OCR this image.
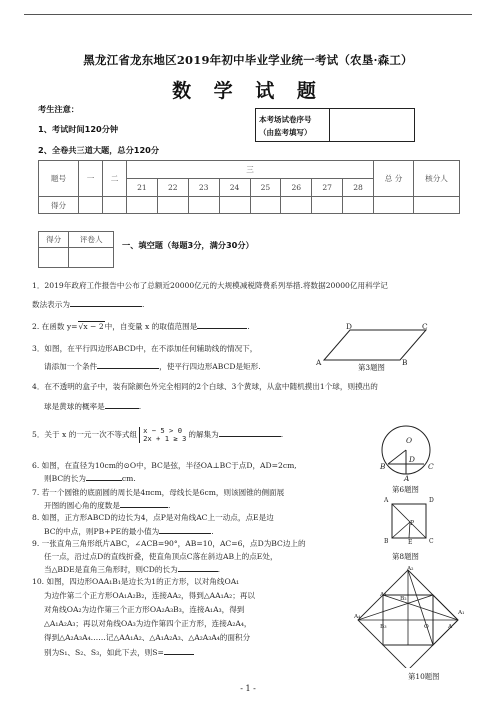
黑龙江省龙东地区2019年初中毕业学业统一考试（农垦·森工）
数 学 试 题
考生注意：
1、考试时间120分钟
2、全卷共三道大题，总分120分
本考场试卷序号
（由监考填写）
题号	一	二	三								总 分	核分人
			21	22	23	24	25	26	27	28		
得分												
得分	评卷人

一、填空题（每题3分，满分30分）
1．2019年政府工作报告中公布了总额近20000亿元的大规模减税降费系列举措.将数据20000亿用科学记
数法表示为	.
2. 在函数 y=√x − 2中，自变量 x 的取值范围是	.
3．如图，在平行四边形ABCD中，在不添加任何辅助线的情况下，
请添加一个条件	，使平行四边形ABCD是矩形.
D	C
A	B
第3题图
4．在不透明的盒子中，装有除颜色外完全相同的2个白球、3个黄球，从盒中随机摸出1个球，则摸出的
球是黄球的概率是	.
5．关于 x 的一元一次不等式组 x − 5 > 0
2x + 1 ≥ 3 的解集为	.
O
D
B	C
A
第6题图
6. 如图，在直径为10cm的⊙O中，BC是弦，半径OA⊥BC于点D，AD=2cm,
则BC的长为	cm.
7. 若一个圆锥的底面圆的周长是4πcm，母线长是6cm，则该圆锥的侧面展
开图的圆心角的度数是	.
A	D
P
B	E	C
第8题图
8. 如图，正方形ABCD的边长为4，点P是对角线AC上一动点，点E是边
BC的中点，则PB+PE的最小值为	.
9. 一张直角三角形纸片ABC，∠ACB=90°，AB=10，AC=6，点D为BC边上的
任一点，沿过点D的直线折叠，使直角顶点C落在斜边AB上的点E处，
当△BDE是直角三角形时，则CD的长为	.
10. 如图，四边形OAA₁B₁是边长为1的正方形，以对角线OA₁
为边作第二个正方形OA₁A₂B₂，连接AA₂，得到△AA₁A₂；再以
对角线OA₂为边作第三个正方形OA₂A₃B₃，连接A₁A₃，得到
△A₁A₂A₃；再以对角线OA₃为边作第四个正方形，连接A₂A₄，
得到△A₂A₃A₄……记△AA₁A₂、△A₁A₂A₃、△A₂A₃A₄的面积分
别为S₁、S₂、S₃，如此下去，则S=
A₄
A₂
A₃
B₂
A₁
B₃	O	A
第10题图
- 1 -
